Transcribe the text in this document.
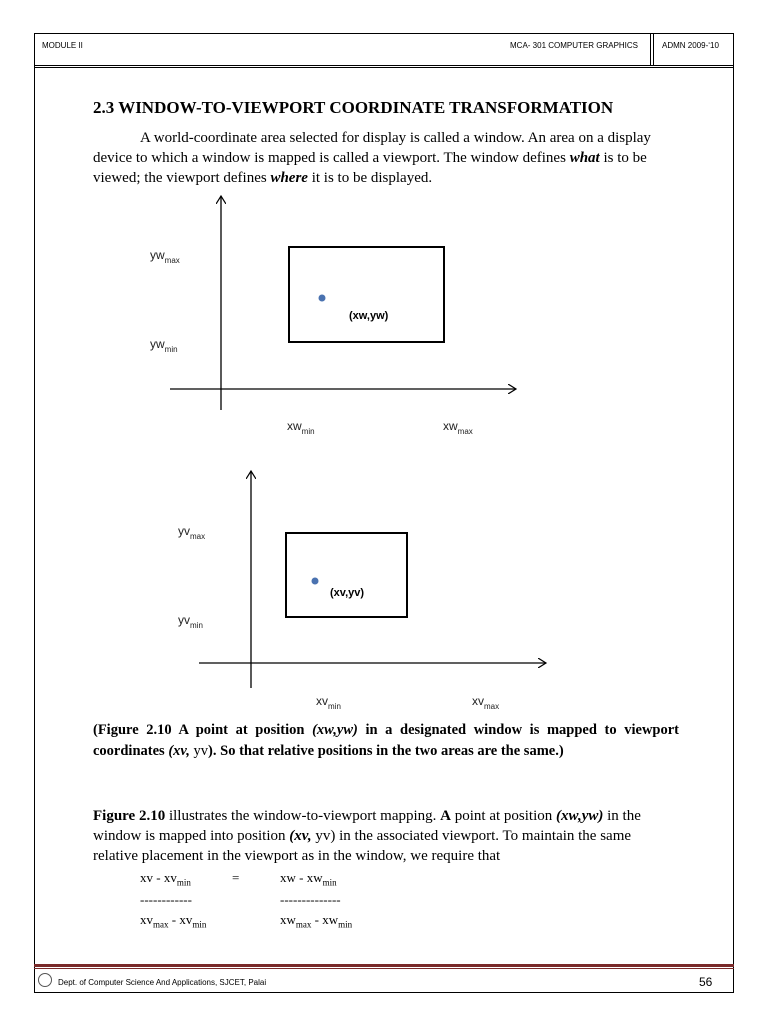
MODULE II	MCA- 301 COMPUTER GRAPHICS	ADMN 2009-‘10
2.3 WINDOW-TO-VIEWPORT COORDINATE TRANSFORMATION
A world-coordinate area selected for display is called a window. An area on a display device to which a window is mapped is called a viewport. The window defines what is to be viewed; the viewport defines where it is to be displayed.
(xw,yw)
$yw_{max}$
$yw_{min}$
$xw_{min}$	$xw_{max}$
(xv,yv)
$yv_{max}$
$yv_{min}$
$xv_{min}$	$xv_{max}$
(Figure 2.10 A point at position (xw,yw) in a designated window is mapped to viewport coordinates (xv, yv). So that relative positions in the two areas are the same.)
Figure 2.10 illustrates the window-to-viewport mapping. A point at position (xw,yw) in the window is mapped into position (xv, yv) in the associated viewport. To maintain the same relative placement in the viewport as in the window, we require that
xv - $xv_{min}$	=	xw - $xw_{min}$
------------	--------------
$xv_{max} - xv_{min}$	$xw_{max} - xw_{min}$
Dept. of Computer Science And Applications, SJCET, Palai	56
